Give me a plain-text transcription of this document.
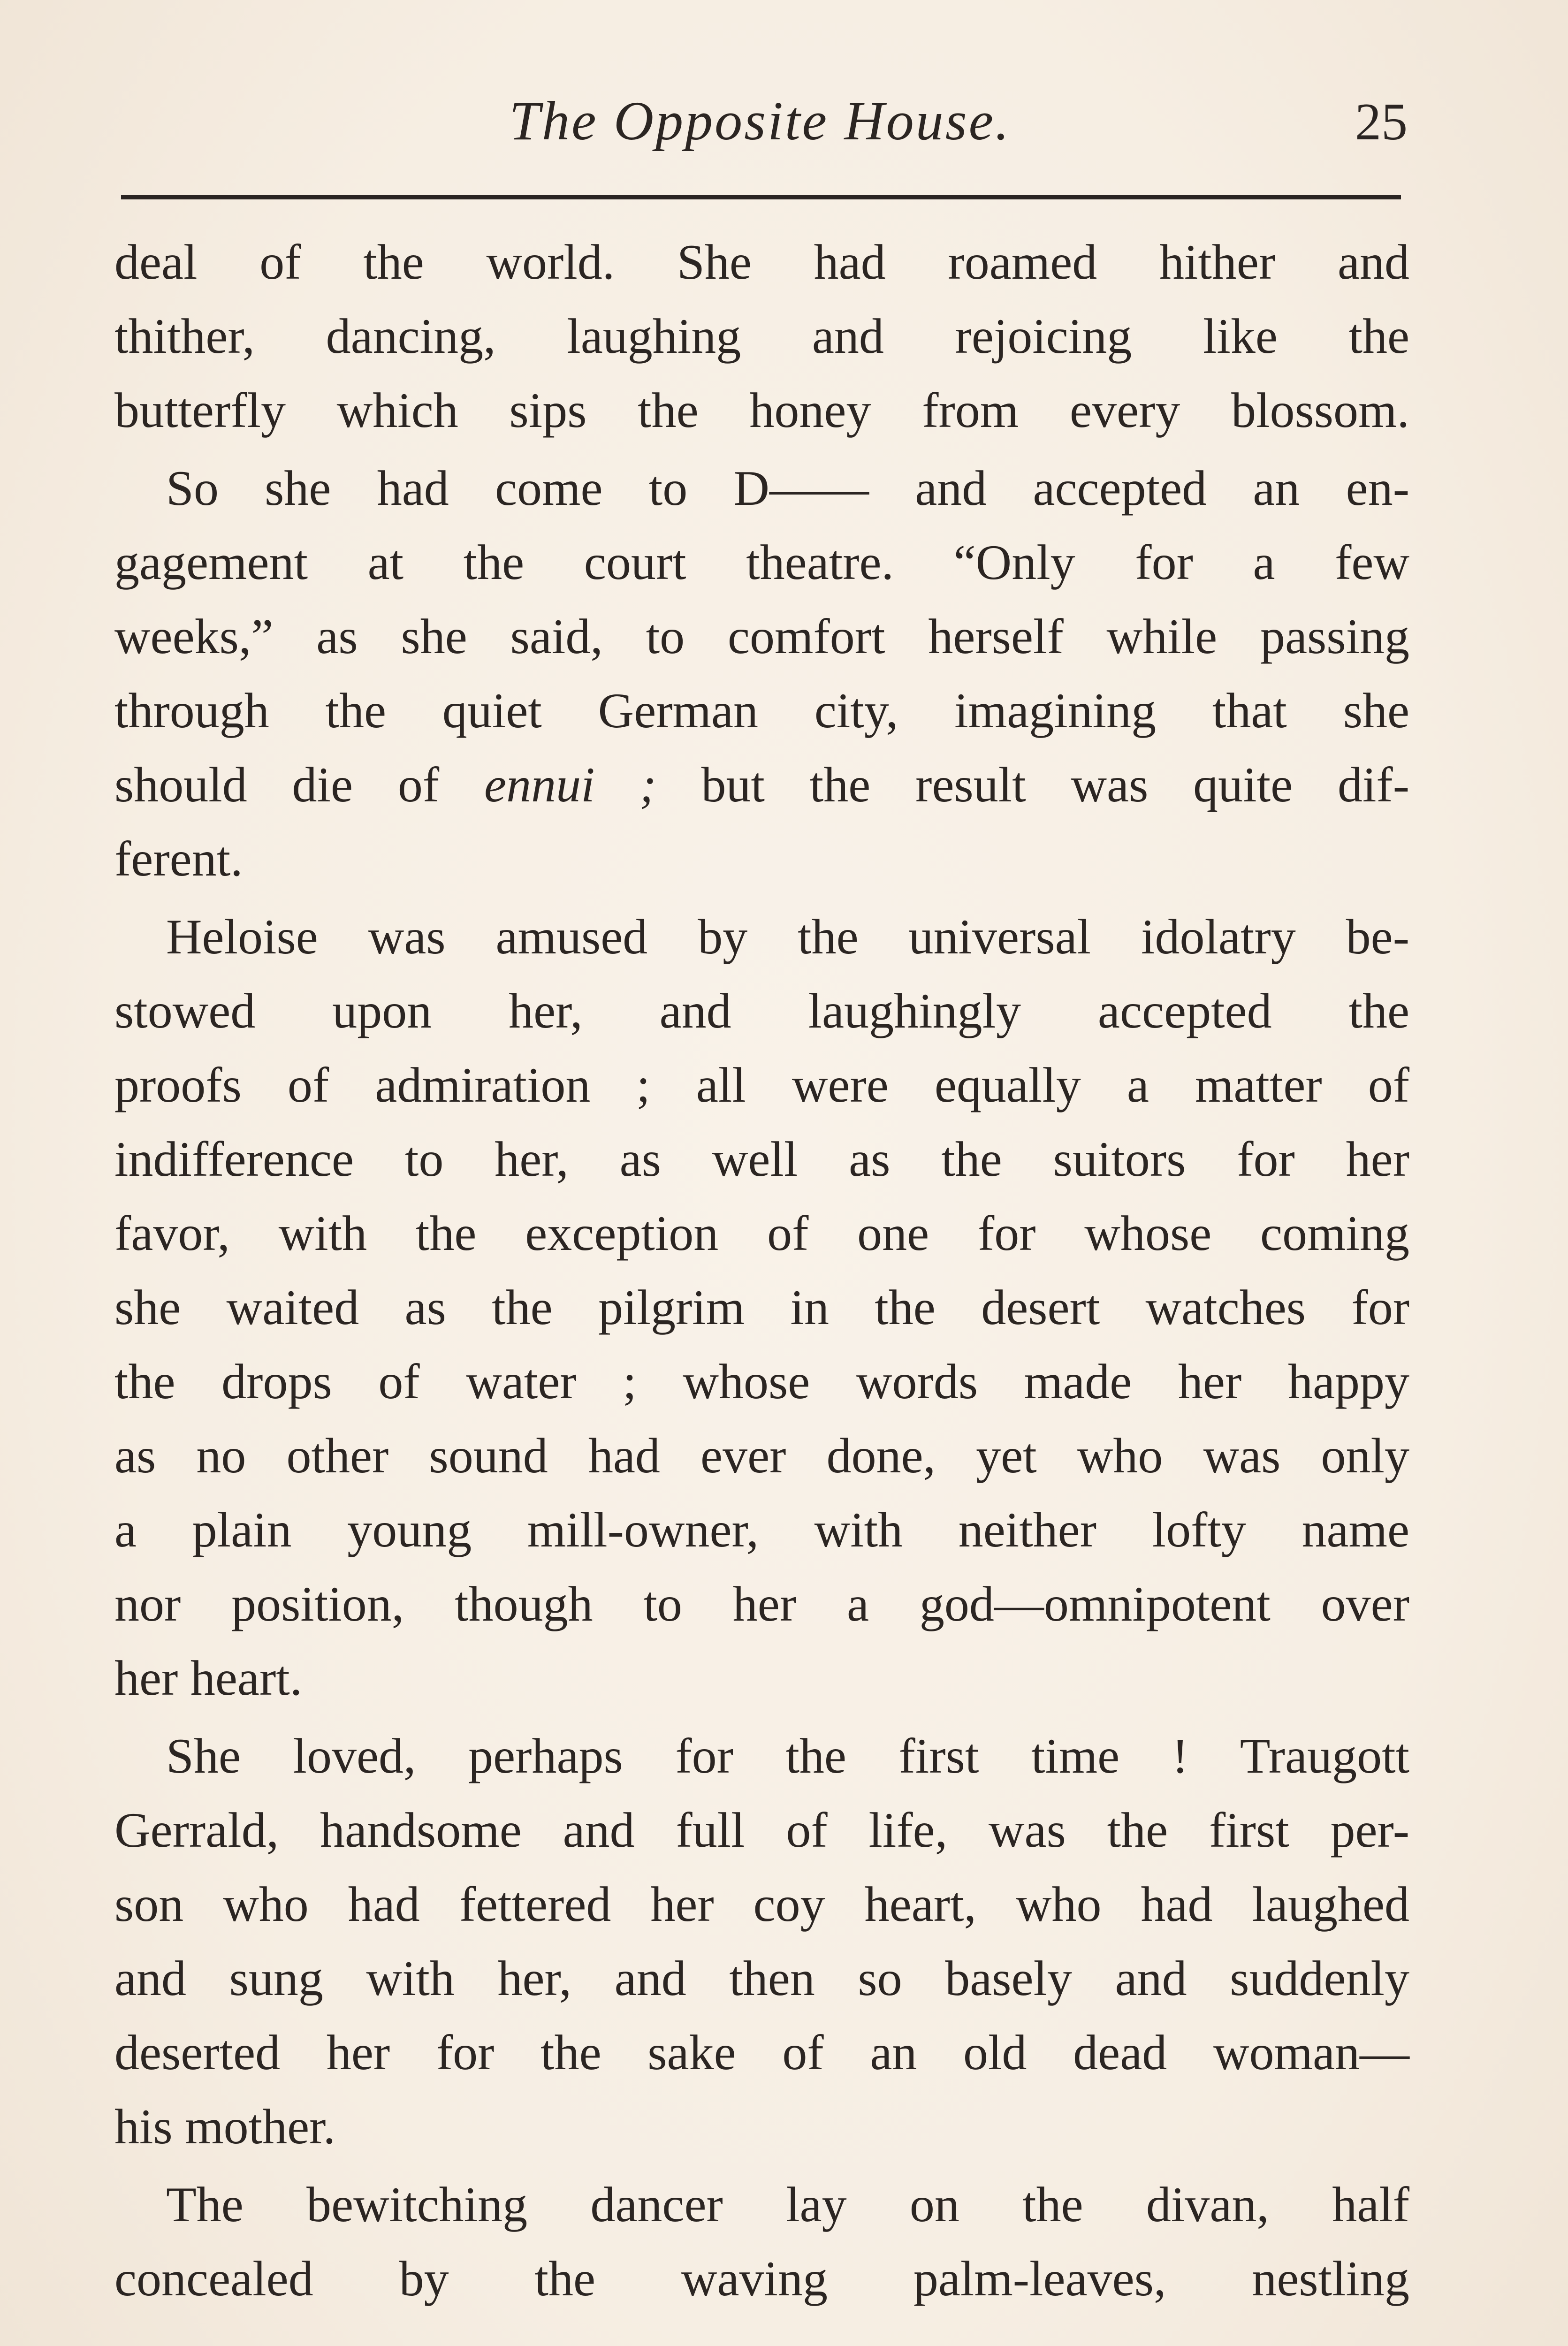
The Opposite House.	25
deal of the world. She had roamed hither and
thither, dancing, laughing and rejoicing like the
butterfly which sips the honey from every blossom.
So she had come to D—— and accepted an en-
gagement at the court theatre. “Only for a few
weeks,” as she said, to comfort herself while passing
through the quiet German city, imagining that she
should die of ennui ; but the result was quite dif-
ferent.
Heloise was amused by the universal idolatry be-
stowed upon her, and laughingly accepted the
proofs of admiration ; all were equally a matter of
indifference to her, as well as the suitors for her
favor, with the exception of one for whose coming
she waited as the pilgrim in the desert watches for
the drops of water ; whose words made her happy
as no other sound had ever done, yet who was only
a plain young mill-owner, with neither lofty name
nor position, though to her a god—omnipotent over
her heart.
She loved, perhaps for the first time ! Traugott
Gerrald, handsome and full of life, was the first per-
son who had fettered her coy heart, who had laughed
and sung with her, and then so basely and suddenly
deserted her for the sake of an old dead woman—
his mother.
The bewitching dancer lay on the divan, half
concealed by the waving palm-leaves, nestling
